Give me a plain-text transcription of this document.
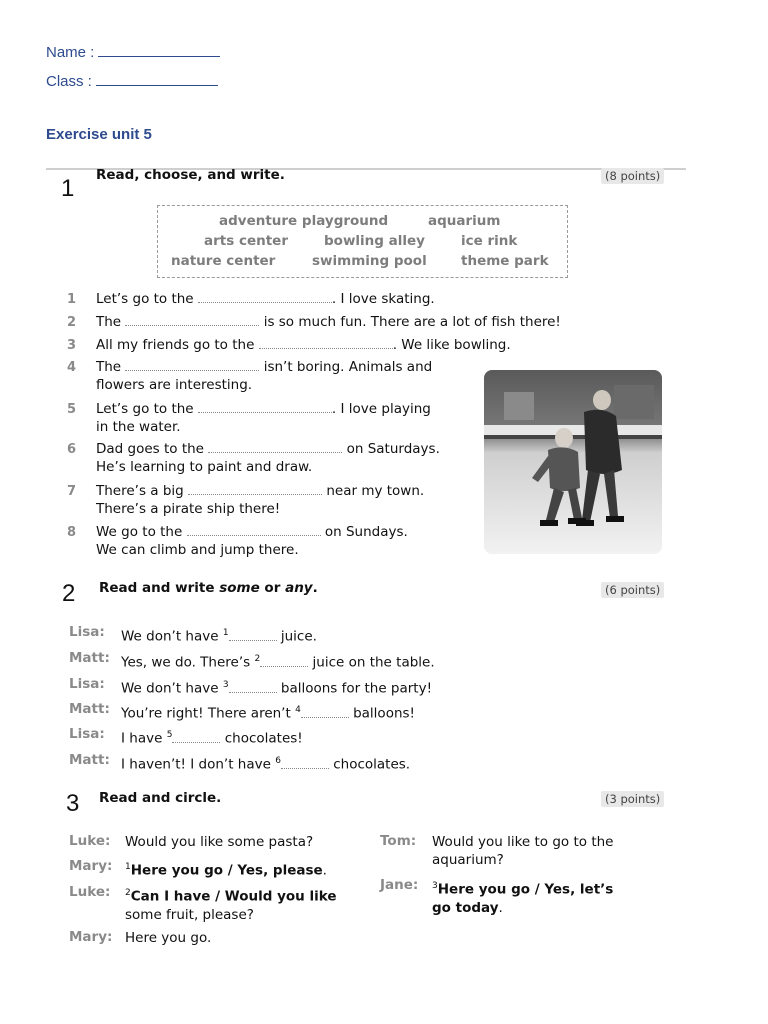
Name :
Class :
Exercise unit 5
1 Read, choose, and write.	(8 points)
adventure playground	aquarium
arts center	bowling alley	ice rink
nature center	swimming pool	theme park
1 Let’s go to the	. I love skating.
2 The	is so much fun. There are a lot of fish there!
3 All my friends go to the	. We like bowling.
4 The	isn’t boring. Animals and
flowers are interesting.
5 Let’s go to the	. I love playing
in the water.
6 Dad goes to the	on Saturdays.
He’s learning to paint and draw.
7 There’s a big	near my town.
There’s a pirate ship there!
8 We go to the	on Sundays.
We can climb and jump there.
2 Read and write some or any.	(6 points)
Lisa: We don’t have $^1$	juice.
Matt: Yes, we do. There’s $^2$	juice on the table.
Lisa: We don’t have $^3$	balloons for the party!
Matt: You’re right! There aren’t $^4$	balloons!
Lisa: I have $^5$	chocolates!
Matt: I haven’t! I don’t have $^6$	chocolates.
3 Read and circle.	(3 points)
Luke: Would you like some pasta?
Mary: $^1$Here you go / Yes, please.
Luke: $^2$Can I have / Would you like
some fruit, please?
Mary: Here you go.
Tom: Would you like to go to the
aquarium?
Jane: $^3$Here you go / Yes, let’s
go today.
